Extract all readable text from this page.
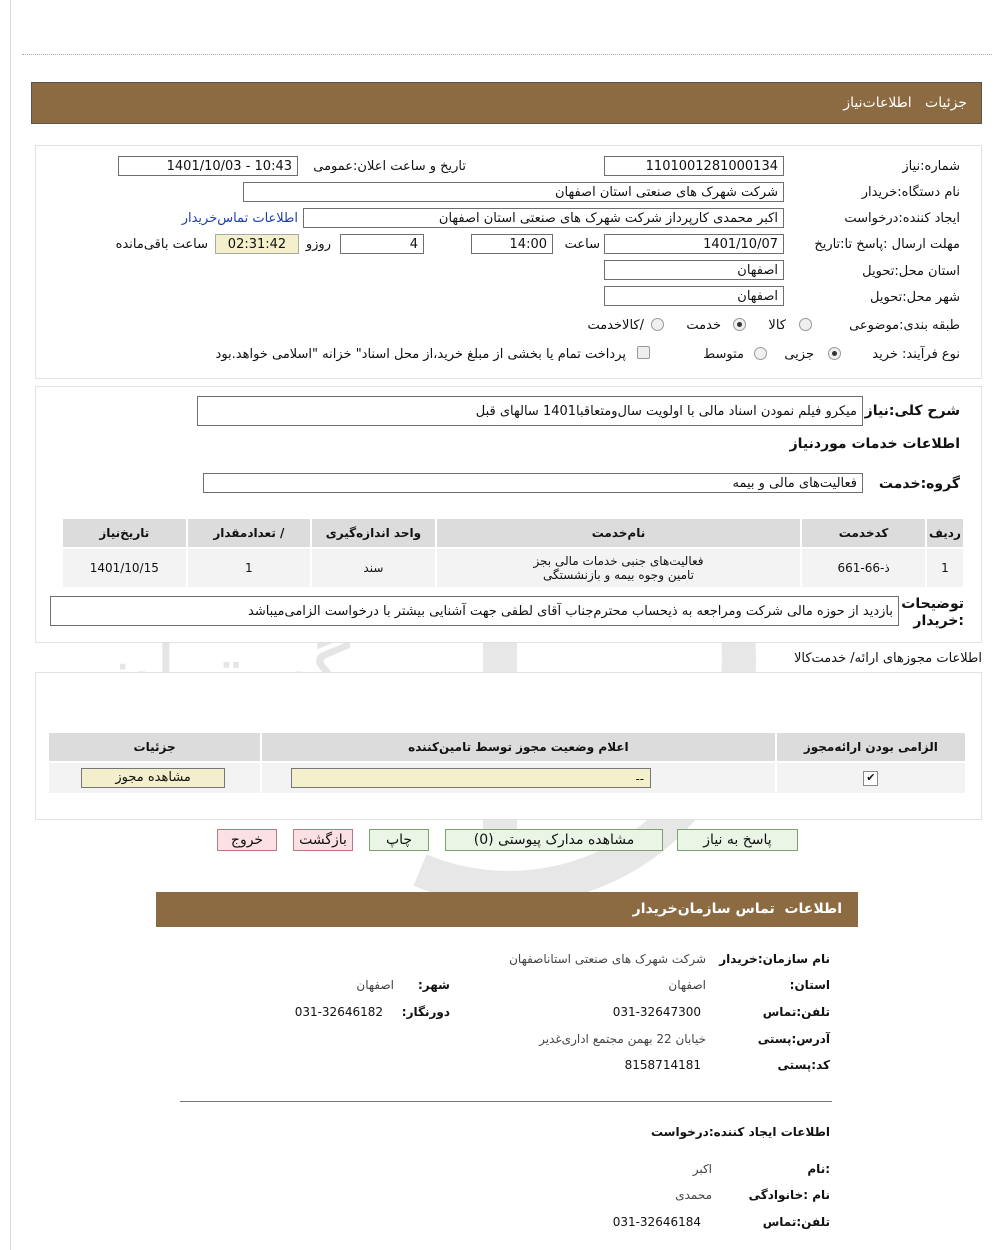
جزئیات   اطلاعات‌نیاز
شماره:نیاز
1101001281000134
تاریخ و ساعت اعلان:عمومی
1401/10/03 - 10:43
نام دستگاه:خریدار
شرکت شهرک های صنعتی استان اصفهان
ایجاد کننده:درخواست
اکبر محمدی کارپرداز شرکت شهرک های صنعتی استان اصفهان
اطلاعات تماس‌خریدار
مهلت ارسال :پاسخ تا:تاریخ
1401/10/07
ساعت
14:00
4
روزو
02:31:42
ساعت باقی‌مانده
استان محل:تحویل
اصفهان
شهر محل:تحویل
اصفهان
طبقه بندی:موضوعی
کالا
خدمت
/کالاخدمت
نوع فرآیند: خرید
جزیی
متوسط
پرداخت تمام یا بخشی از مبلغ خرید،از محل اسناد" خزانه "اسلامی خواهد.بود
شرح کلی:نیاز
میکرو فیلم نمودن اسناد مالی با اولویت سال‌ومتعاقبا1401 سالهای قبل
اطلاعات خدمات موردنیاز
گروه:خدمت
فعالیت‌های مالی و بیمه
ردیف	کدخدمت	نام‌خدمت	واحد اندازه‌گیری	/ تعدادمقدار	تاریخ‌نیاز
1	ذ-66-661	فعالیت‌های جنبی خدمات مالی بجز
تامین وجوه بیمه و بازنشستگی	سند	1	1401/10/15
توضیحات :خریدار
بازدید از حوزه مالی شرکت ومراجعه به ذیحساب محترم‌جناب آقای لطفی جهت آشنایی بیشتر با درخواست الزامی‌میباشد
اطلاعات مجوزهای ارائه/ خدمت‌کالا
الزامی بودن ارائه‌مجوز	اعلام وضعیت مجوز توسط تامین‌کننده	جزئیات
✔	--	مشاهده مجوز
پاسخ به نیاز
مشاهده مدارک پیوستی (0)
چاپ
بازگشت
خروج
اطلاعات  تماس سازمان‌خریدار
نام سازمان:خریدار
شرکت شهرک های صنعتی استاناصفهان
استان:
اصفهان
شهر:
اصفهان
تلفن:تماس
031-32647300
دورنگار:
031-32646182
آدرس:پستی
خیابان 22 بهمن مجتمع اداری‌غدیر
کد:پستی
8158714181
اطلاعات ایجاد کننده:درخواست
:نام
اکبر
نام :خانوادگی
محمدی
تلفن:تماس
031-32646184
